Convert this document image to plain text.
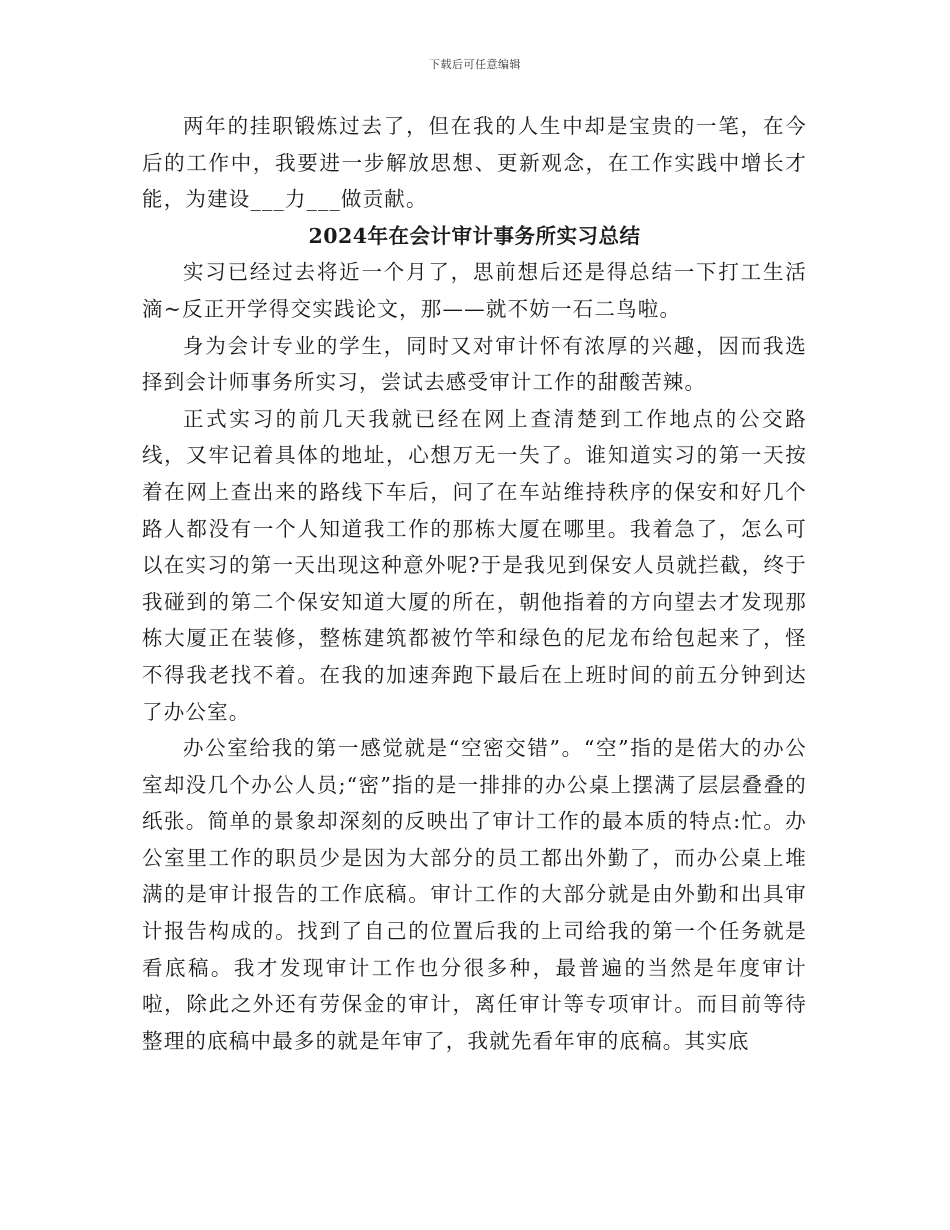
下载后可任意编辑

两年的挂职锻炼过去了，但在我的人生中却是宝贵的一笔，在今后的工作中，我要进一步解放思想、更新观念，在工作实践中增长才能，为建设___力___做贡献。

2024年在会计审计事务所实习总结

实习已经过去将近一个月了，思前想后还是得总结一下打工生活滴~反正开学得交实践论文，那——就不妨一石二鸟啦。

身为会计专业的学生，同时又对审计怀有浓厚的兴趣，因而我选择到会计师事务所实习，尝试去感受审计工作的甜酸苦辣。

正式实习的前几天我就已经在网上查清楚到工作地点的公交路线，又牢记着具体的地址，心想万无一失了。谁知道实习的第一天按着在网上查出来的路线下车后，问了在车站维持秩序的保安和好几个路人都没有一个人知道我工作的那栋大厦在哪里。我着急了，怎么可以在实习的第一天出现这种意外呢?于是我见到保安人员就拦截，终于我碰到的第二个保安知道大厦的所在，朝他指着的方向望去才发现那栋大厦正在装修，整栋建筑都被竹竿和绿色的尼龙布给包起来了，怪不得我老找不着。在我的加速奔跑下最后在上班时间的前五分钟到达了办公室。

办公室给我的第一感觉就是“空密交错”。“空”指的是偌大的办公室却没几个办公人员;“密”指的是一排排的办公桌上摆满了层层叠叠的纸张。简单的景象却深刻的反映出了审计工作的最本质的特点:忙。办公室里工作的职员少是因为大部分的员工都出外勤了，而办公桌上堆满的是审计报告的工作底稿。审计工作的大部分就是由外勤和出具审计报告构成的。找到了自己的位置后我的上司给我的第一个任务就是看底稿。我才发现审计工作也分很多种，最普遍的当然是年度审计啦，除此之外还有劳保金的审计，离任审计等专项审计。而目前等待整理的底稿中最多的就是年审了，我就先看年审的底稿。其实底
